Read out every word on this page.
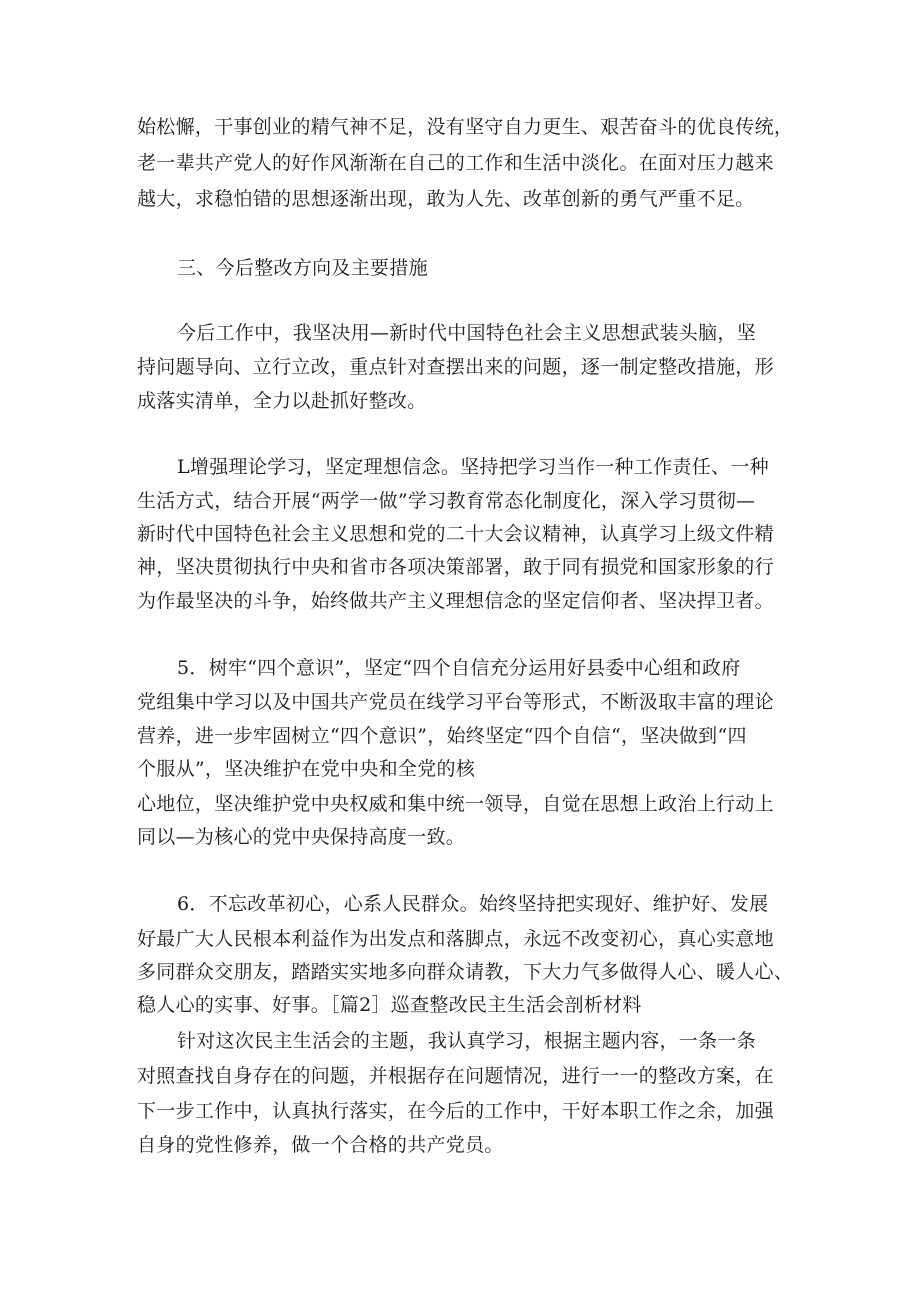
始松懈，干事创业的精气神不足，没有坚守自力更生、艰苦奋斗的优良传统，
老一辈共产党人的好作风渐渐在自己的工作和生活中淡化。在面对压力越来
越大，求稳怕错的思想逐渐出现，敢为人先、改革创新的勇气严重不足。
三、今后整改方向及主要措施
今后工作中，我坚决用—新时代中国特色社会主义思想武装头脑，坚
持问题导向、立行立改，重点针对查摆出来的问题，逐一制定整改措施，形
成落实清单，全力以赴抓好整改。
L增强理论学习，坚定理想信念。坚持把学习当作一种工作责任、一种
生活方式，结合开展“两学一做”学习教育常态化制度化，深入学习贯彻—
新时代中国特色社会主义思想和党的二十大会议精神，认真学习上级文件精
神，坚决贯彻执行中央和省市各项决策部署，敢于同有损党和国家形象的行
为作最坚决的斗争，始终做共产主义理想信念的坚定信仰者、坚决捍卫者。
5．树牢“四个意识”，坚定“四个自信充分运用好县委中心组和政府
党组集中学习以及中国共产党员在线学习平台等形式，不断汲取丰富的理论
营养，进一步牢固树立“四个意识”，始终坚定“四个自信“，坚决做到“四
个服从”，坚决维护在党中央和全党的核
心地位，坚决维护党中央权威和集中统一领导，自觉在思想上政治上行动上
同以—为核心的党中央保持高度一致。
6．不忘改革初心，心系人民群众。始终坚持把实现好、维护好、发展
好最广大人民根本利益作为出发点和落脚点，永远不改变初心，真心实意地
多同群众交朋友，踏踏实实地多向群众请教，下大力气多做得人心、暖人心、
稳人心的实事、好事。［篇2］巡查整改民主生活会剖析材料
针对这次民主生活会的主题，我认真学习，根据主题内容，一条一条
对照查找自身存在的问题，并根据存在问题情况，进行一一的整改方案，在
下一步工作中，认真执行落实，在今后的工作中，干好本职工作之余，加强
自身的党性修养，做一个合格的共产党员。
